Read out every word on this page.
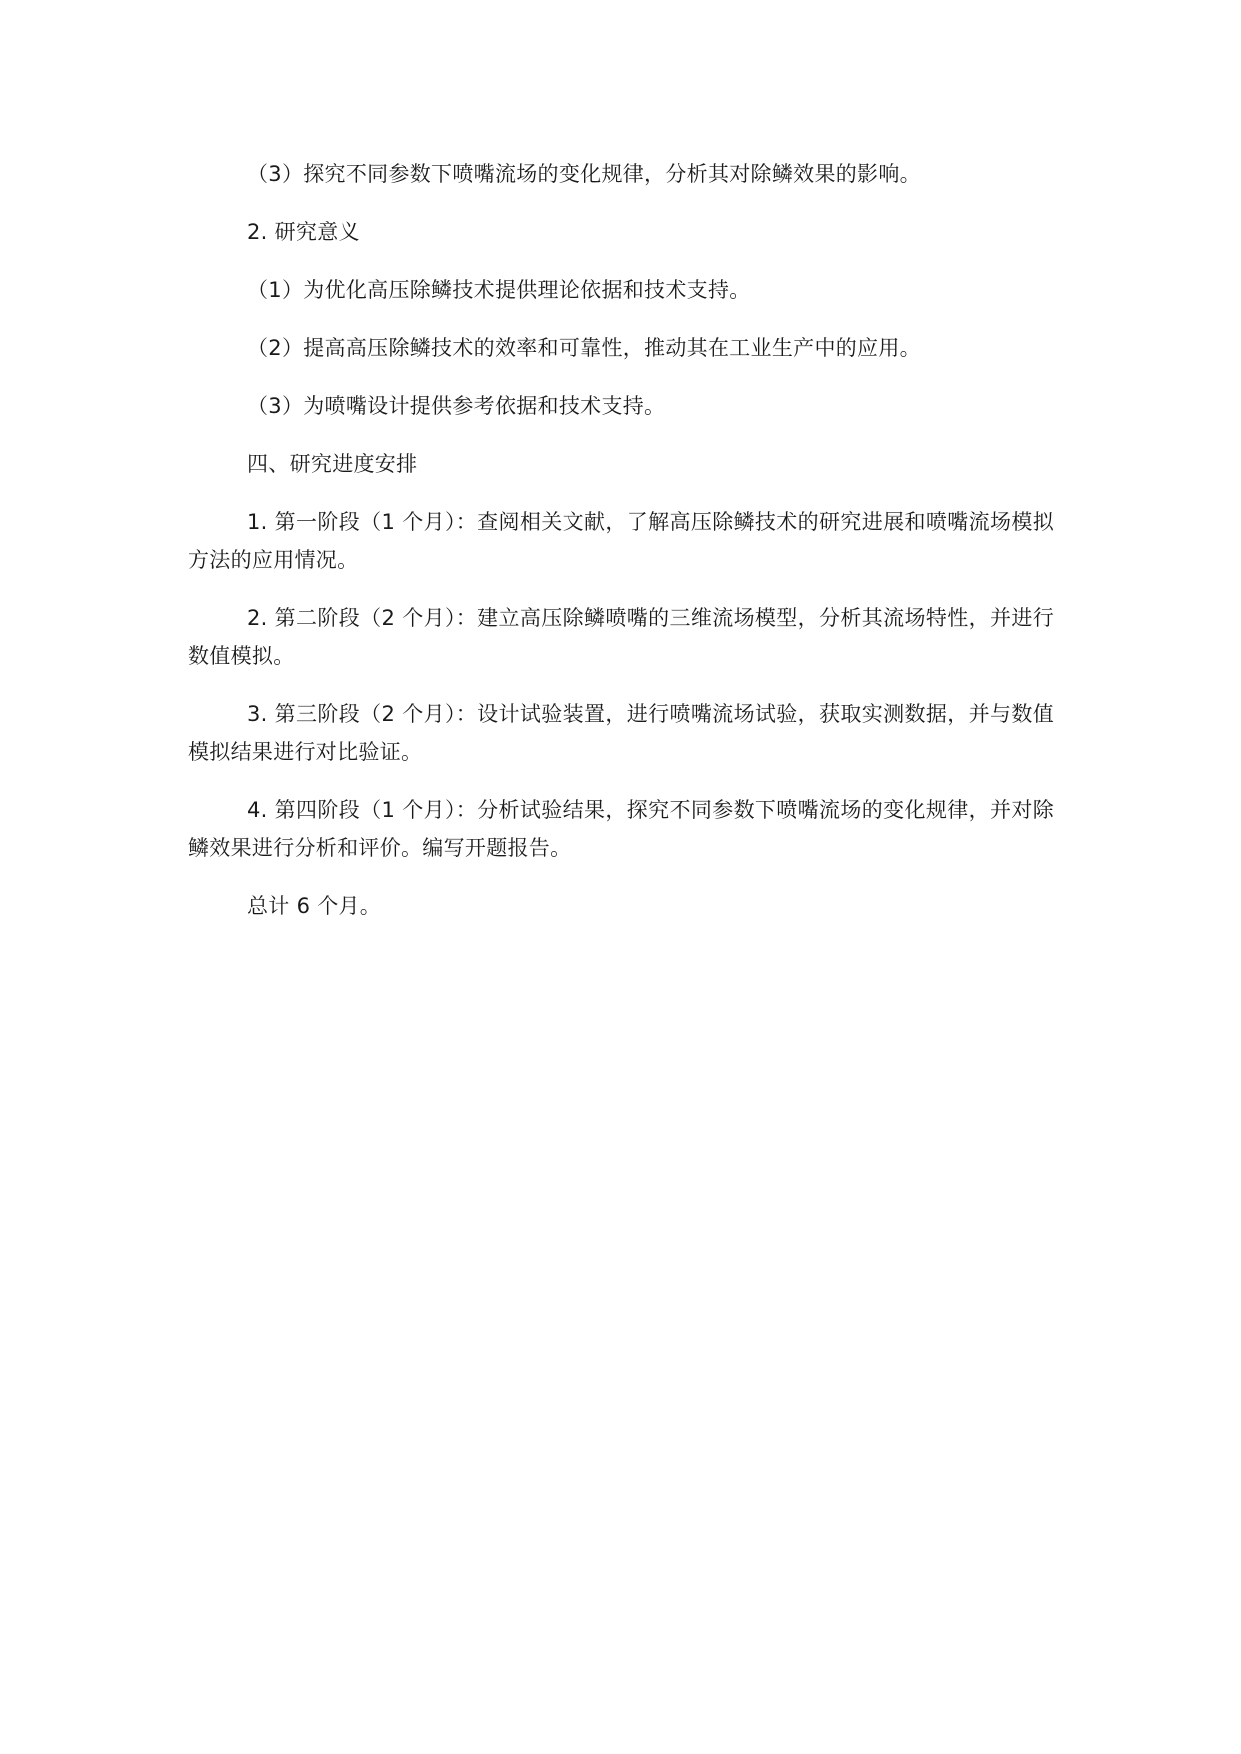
（3）探究不同参数下喷嘴流场的变化规律，分析其对除鳞效果的影响。

2. 研究意义

（1）为优化高压除鳞技术提供理论依据和技术支持。

（2）提高高压除鳞技术的效率和可靠性，推动其在工业生产中的应用。

（3）为喷嘴设计提供参考依据和技术支持。

四、研究进度安排

1. 第一阶段（1 个月）：查阅相关文献，了解高压除鳞技术的研究进展和喷嘴流场模拟方法的应用情况。

2. 第二阶段（2 个月）：建立高压除鳞喷嘴的三维流场模型，分析其流场特性，并进行数值模拟。

3. 第三阶段（2 个月）：设计试验装置，进行喷嘴流场试验，获取实测数据，并与数值模拟结果进行对比验证。

4. 第四阶段（1 个月）：分析试验结果，探究不同参数下喷嘴流场的变化规律，并对除鳞效果进行分析和评价。编写开题报告。

总计 6 个月。
